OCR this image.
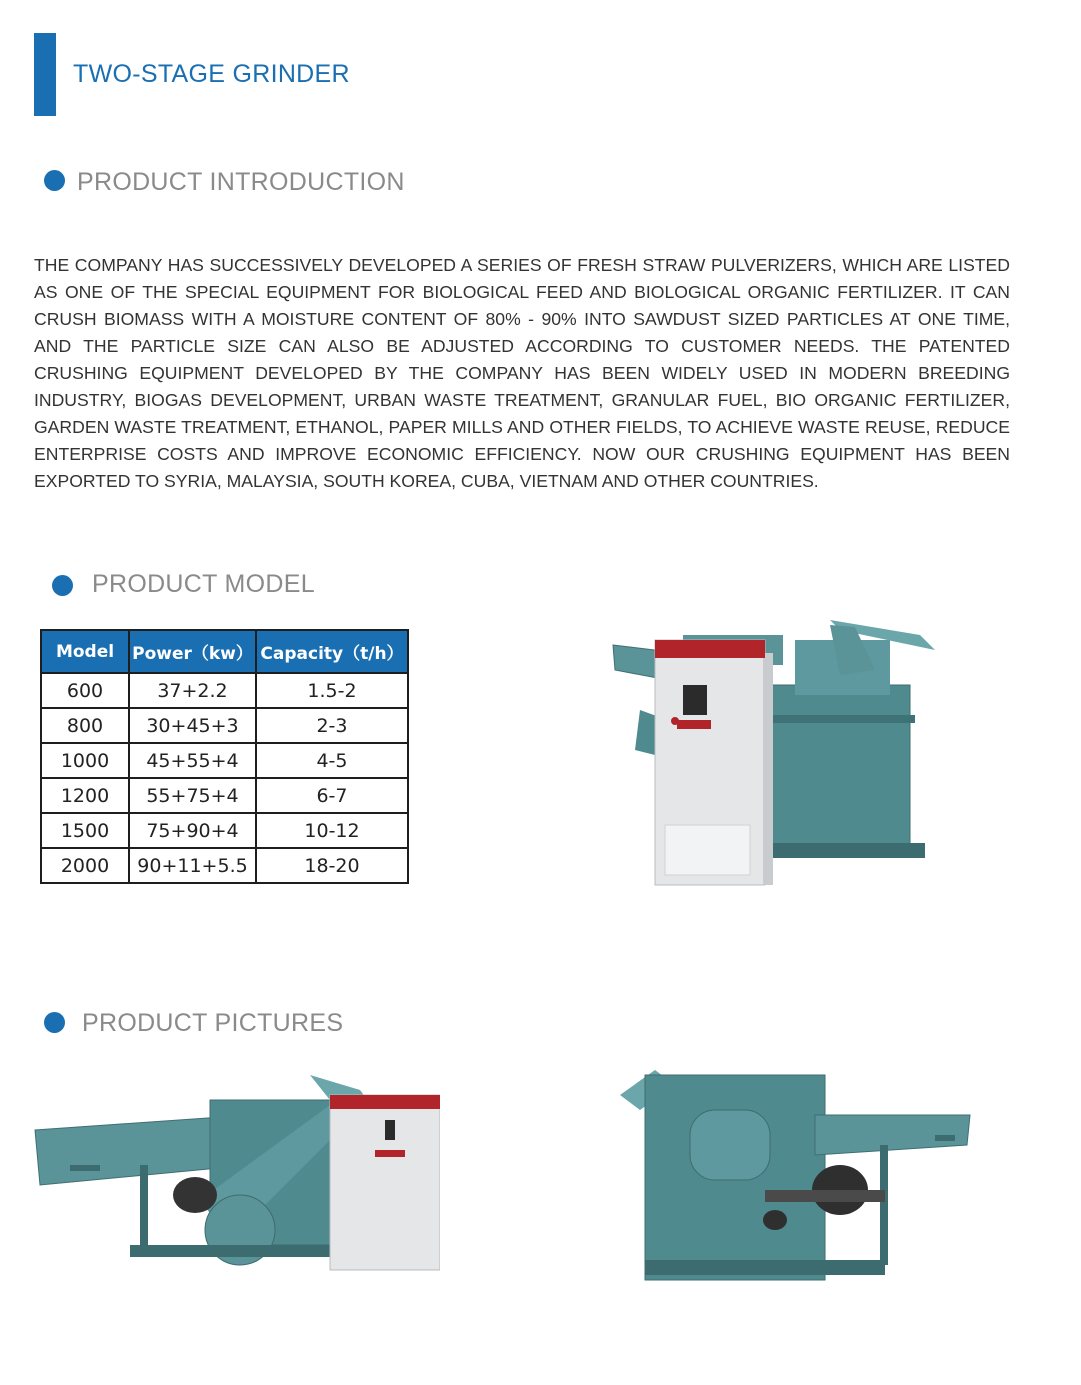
TWO-STAGE GRINDER
PRODUCT INTRODUCTION
THE COMPANY HAS SUCCESSIVELY DEVELOPED A SERIES OF FRESH STRAW PULVERIZERS, WHICH ARE LISTED AS ONE OF THE SPECIAL EQUIPMENT FOR BIOLOGICAL FEED AND BIOLOGICAL ORGANIC FERTILIZER. IT CAN CRUSH BIOMASS WITH A MOISTURE CONTENT OF 80% - 90% INTO SAWDUST SIZED PARTICLES AT ONE TIME, AND THE PARTICLE SIZE CAN ALSO BE ADJUSTED ACCORDING TO CUSTOMER NEEDS. THE PATENTED CRUSHING EQUIPMENT DEVELOPED BY THE COMPANY HAS BEEN WIDELY USED IN MODERN BREEDING INDUSTRY, BIOGAS DEVELOPMENT, URBAN WASTE TREATMENT, GRANULAR FUEL, BIO ORGANIC FERTILIZER, GARDEN WASTE TREATMENT, ETHANOL, PAPER MILLS AND OTHER FIELDS, TO ACHIEVE WASTE REUSE, REDUCE ENTERPRISE COSTS AND IMPROVE ECONOMIC EFFICIENCY. NOW OUR CRUSHING EQUIPMENT HAS BEEN EXPORTED TO SYRIA, MALAYSIA, SOUTH KOREA, CUBA, VIETNAM AND OTHER COUNTRIES.
PRODUCT MODEL
Model	Power（kw）	Capacity（t/h）
600	37+2.2	1.5-2
800	30+45+3	2-3
1000	45+55+4	4-5
1200	55+75+4	6-7
1500	75+90+4	10-12
2000	90+11+5.5	18-20
PRODUCT PICTURES
